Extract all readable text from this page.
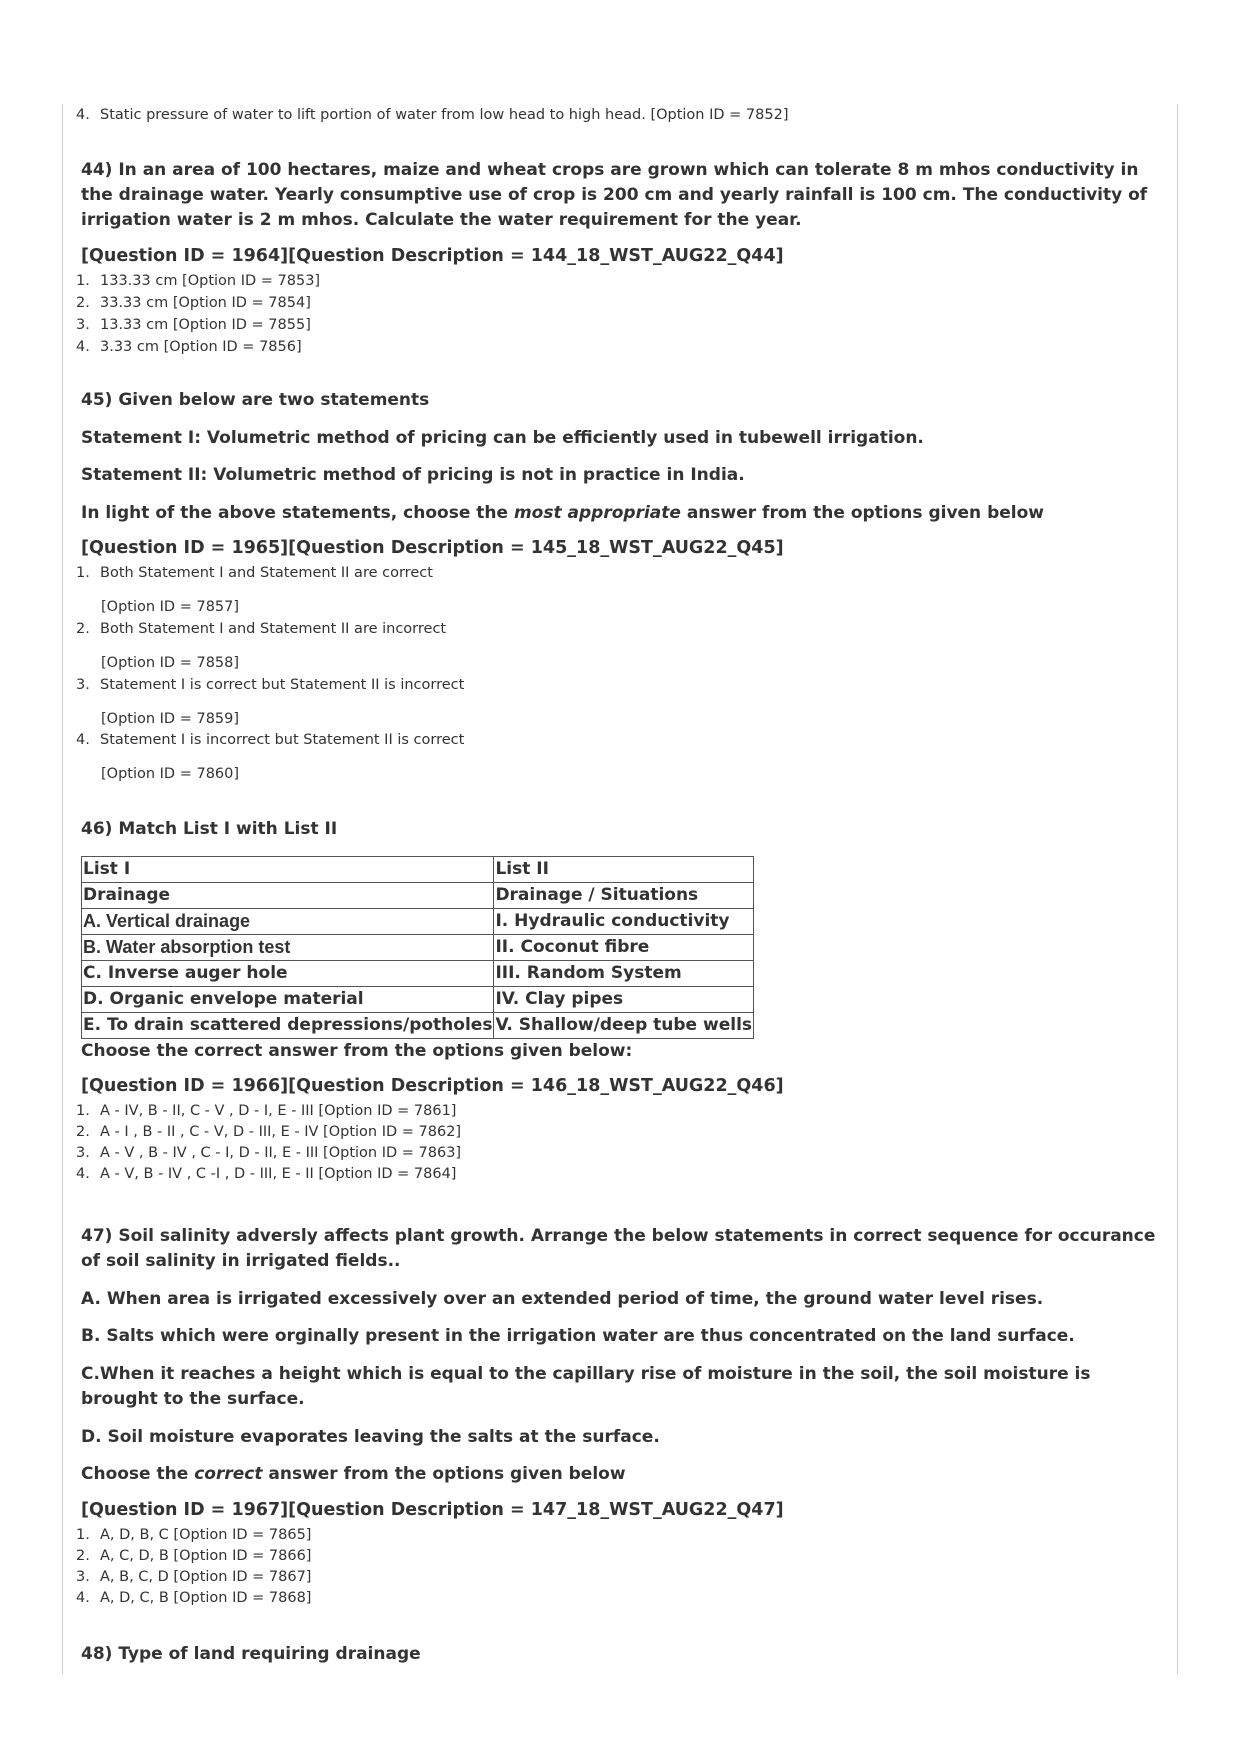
4. Static pressure of water to lift portion of water from low head to high head. [Option ID = 7852]
44) In an area of 100 hectares, maize and wheat crops are grown which can tolerate 8 m mhos conductivity in the drainage water. Yearly consumptive use of crop is 200 cm and yearly rainfall is 100 cm. The conductivity of irrigation water is 2 m mhos. Calculate the water requirement for the year.
[Question ID = 1964][Question Description = 144_18_WST_AUG22_Q44]
1. 133.33 cm [Option ID = 7853]
2. 33.33 cm [Option ID = 7854]
3. 13.33 cm [Option ID = 7855]
4. 3.33 cm [Option ID = 7856]
45) Given below are two statements
Statement I: Volumetric method of pricing can be efficiently used in tubewell irrigation.
Statement II: Volumetric method of pricing is not in practice in India.
In light of the above statements, choose the most appropriate answer from the options given below
[Question ID = 1965][Question Description = 145_18_WST_AUG22_Q45]
1. Both Statement I and Statement II are correct
[Option ID = 7857]
2. Both Statement I and Statement II are incorrect
[Option ID = 7858]
3. Statement I is correct but Statement II is incorrect
[Option ID = 7859]
4. Statement I is incorrect but Statement II is correct
[Option ID = 7860]
46) Match List I with List II
List I	List II
Drainage	Drainage / Situations
A. Vertical drainage	I. Hydraulic conductivity
B. Water absorption test	II. Coconut fibre
C. Inverse auger hole	III. Random System
D. Organic envelope material	IV. Clay pipes
E. To drain scattered depressions/potholes	V. Shallow/deep tube wells
Choose the correct answer from the options given below:
[Question ID = 1966][Question Description = 146_18_WST_AUG22_Q46]
1. A - IV, B - II, C - V , D - I, E - III [Option ID = 7861]
2. A - I , B - II , C - V, D - III, E - IV [Option ID = 7862]
3. A - V , B - IV , C - I, D - II, E - III [Option ID = 7863]
4. A - V, B - IV , C -I , D - III, E - II [Option ID = 7864]
47) Soil salinity adversly affects plant growth. Arrange the below statements in correct sequence for occurance of soil salinity in irrigated fields..
A. When area is irrigated excessively over an extended period of time, the ground water level rises.
B. Salts which were orginally present in the irrigation water are thus concentrated on the land surface.
C.When it reaches a height which is equal to the capillary rise of moisture in the soil, the soil moisture is brought to the surface.
D. Soil moisture evaporates leaving the salts at the surface.
Choose the correct answer from the options given below
[Question ID = 1967][Question Description = 147_18_WST_AUG22_Q47]
1. A, D, B, C [Option ID = 7865]
2. A, C, D, B [Option ID = 7866]
3. A, B, C, D [Option ID = 7867]
4. A, D, C, B [Option ID = 7868]
48) Type of land requiring drainage
